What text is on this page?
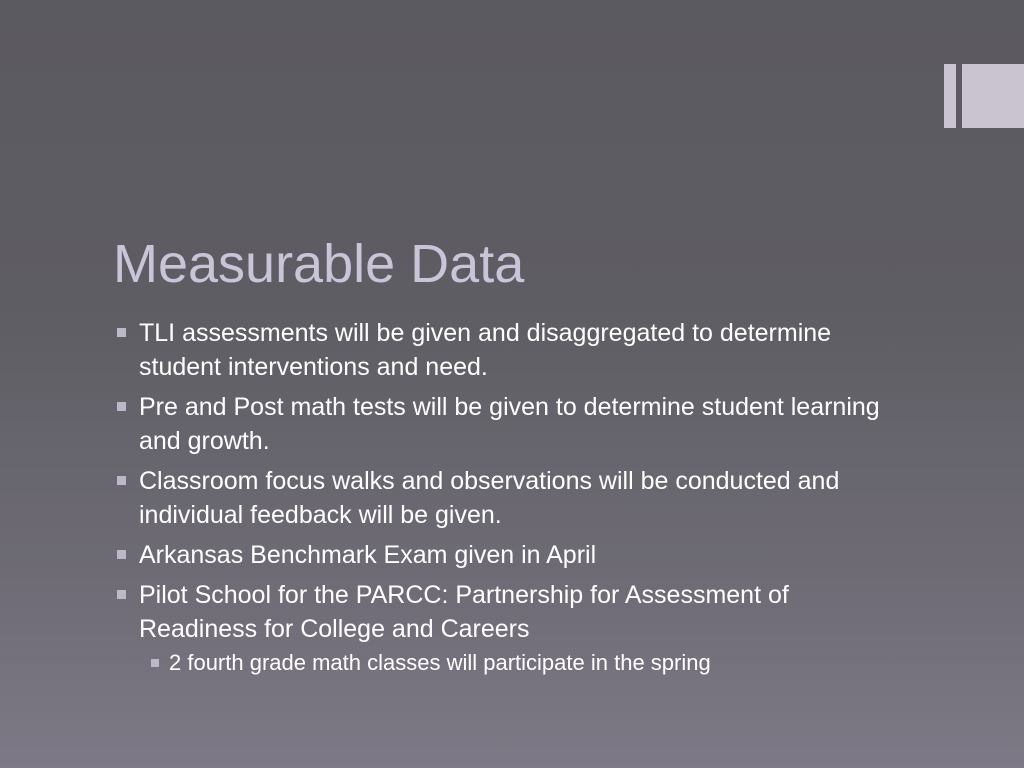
Measurable Data
TLI assessments will be given and disaggregated to determine student interventions and need.
Pre and Post math tests will be given to determine student learning and growth.
Classroom focus walks and observations will be conducted and individual feedback will be given.
Arkansas Benchmark Exam given in April
Pilot School for the PARCC: Partnership for Assessment of Readiness for College and Careers
2 fourth grade math classes will participate in the spring
